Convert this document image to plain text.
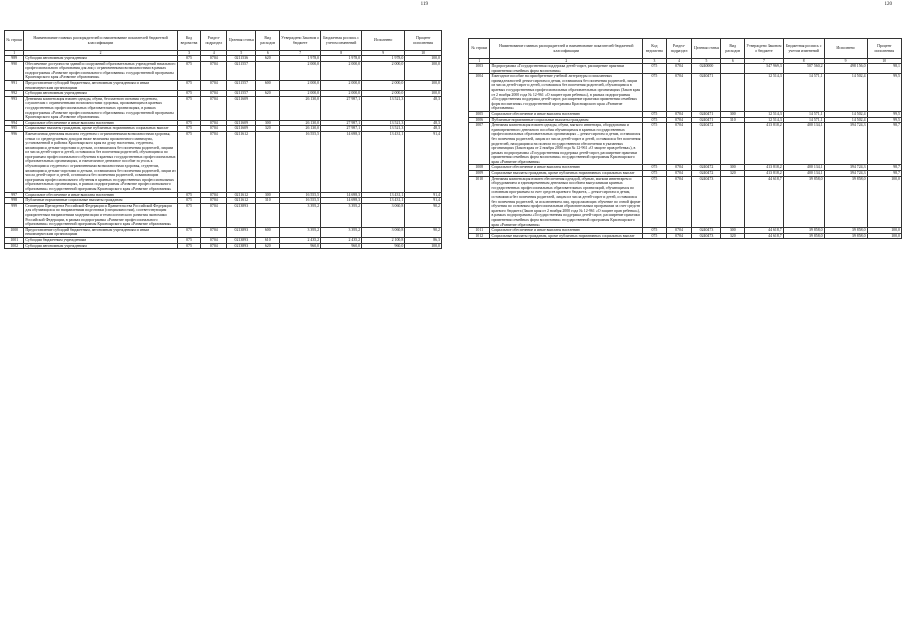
119
№ строки	Наименование главных распорядителей и наименование показателей бюджетной классификации	Код ведомства	Раздел-подраздел	Целевая статья	Вид расходов	Утверждено Законом о бюджете	Бюджетная роспись с учетом изменений	Исполнено	Процент исполнения
1	2	3	4	5	6	7	8	9	10
989	Субсидии автономным учреждениям	075	0704	0211536	620	1 978,0	1 978,0	1 978,0	100,0
990	Обеспечение доступности зданий и сооружений образовательных учреждений начального профессионального образования для лиц с ограниченными возможностями в рамках подпрограммы «Развитие профессионального образования» государственной программы Красноярского края «Развитие образования»	075	0704	0211557		2 000,0	2 000,0	2 000,0	100,0
991	Предоставление субсидий бюджетным, автономным учреждениям и иным некоммерческим организациям	075	0704	0211557	600	2 000,0	2 000,0	2 000,0	100,0
992	Субсидии автономным учреждениям	075	0704	0211557	620	2 000,0	2 000,0	2 000,0	100,0
993	Денежная компенсация взамен одежды, обуви, бесплатного питания студентам, слушателям с ограниченными возможностями здоровья, проживающим в краевых государственных профессиональных образовательных организациях, в рамках подпрограммы «Развитие профессионального образования» государственной программы Красноярского края «Развитие образования»	075	0704	0211609		26 130,0	27 987,1	13 521,3	48,3
994	Социальное обеспечение и иные выплаты населению	075	0704	0211609	300	26 130,0	27 987,1	13 521,3	48,3
995	Социальные выплаты гражданам, кроме публичных нормативных социальных выплат	075	0704	0211609	320	26 130,0	27 987,1	13 521,3	48,3
996	Ежемесячная денежная выплата студентам с ограниченными возможностями здоровья, семьи со среднедушевым доходом ниже величины прожиточного минимума, установленной в районах Красноярского края на душу населения, студентам, являющимся детьми-сиротами и детьми, оставшимися без попечения родителей, лицами из числа детей-сирот и детей, оставшихся без попечения родителей, обучающимся по программам профессионального обучения в краевых государственных профессиональных образовательных организациях, и ежемесячное денежное пособие за уголь к обучающимся студентам с ограниченными возможностями здоровья, студентам, являющимся детьми-сиротами и детьми, оставшимися без попечения родителей, лицам из числа детей-сирот и детей, оставшихся без попечения родителей, осваивающим программы профессионального обучения в краевых государственных профессиональных образовательных организациях, в рамках подпрограммы «Развитие профессионального образования» государственной программы Красноярского края «Развитие образования»	075	0704	0211612		16 555,5	14 698,3	13 431,1	91,4
997	Социальное обеспечение и иные выплаты населению	075	0704	0211612	300	16 555,5	14 698,3	13 431,1	91,4
998	Публичные нормативные социальные выплаты гражданам	075	0704	0211612	310	16 555,5	14 698,3	13 431,1	91,4
999	Стипендии Президента Российской Федерации и Правительства Российской Федерации для обучающихся по направлениям подготовки (специальностям), соответствующим приоритетным направлениям модернизации и технологического развития экономики Российской Федерации, в рамках подпрограммы «Развитие профессионального образования» государственной программы Красноярского края «Развитие образования»	075	0704	0213893		3 395,2	3 395,2	3 060,8	90,2
1000	Предоставление субсидий бюджетным, автономным учреждениям и иным некоммерческим организациям	075	0704	0213893	600	3 395,2	3 395,2	3 060,8	90,2
1001	Субсидии бюджетным учреждениям	075	0704	0213893	610	2 435,2	2 435,2	2 100,8	86,3
1002	Субсидии автономным учреждениям	075	0704	0213893	620	960,0	960,0	960,0	100,0
120
№ строки	Наименование главных распорядителей и наименование показателей бюджетной классификации	Код ведомства	Раздел-подраздел	Целевая статья	Вид расходов	Утверждено Законом о бюджете	Бюджетная роспись с учетом изменений	Исполнено	Процент исполнения
1	2	3	4	5	6	7	8	9	10
1003	Подпрограмма «Государственная поддержка детей-сирот, расширение практики применения семейных форм воспитания»	075	0704	0240000		547 969,3	507 560,2	498 156,0	98,1
1004	Ежегодное пособие на приобретение учебной литературы и письменных принадлежностей детям-сиротам и детям, оставшимся без попечения родителей, лицам из числа детей-сирот и детей, оставшихся без попечения родителей, обучающимся в краевых государственных профессиональных образовательных организациях (Закон края от 2 ноября 2000 года № 12-961 «О защите прав ребенка»), в рамках подпрограммы «Государственная поддержка детей-сирот, расширение практики применения семейных форм воспитания» государственной программы Красноярского края «Развитие образования»	075	0704	0240471		12 514,3	14 571,1	14 502,4	99,5
1005	Социальное обеспечение и иные выплаты населению	075	0704	0240471	300	12 514,3	14 571,1	14 502,4	99,5
1006	Публичные нормативные социальные выплаты гражданам	075	0704	0240471	310	12 514,3	14 571,1	14 502,4	99,5
1007	Денежная компенсация взамен одежды, обуви, мягкого инвентаря, оборудования и единовременного денежного пособия обучающимся в краевых государственных профессиональных образовательных организациях – детям-сиротам и детям, оставшимся без попечения родителей, лицам из числа детей-сирот и детей, оставшихся без попечения родителей, находящимся на полном государственном обеспечении в указанных организациях (Закон края от 2 ноября 2000 года № 12-961 «О защите прав ребенка»), в рамках подпрограммы «Государственная поддержка детей-сирот, расширение практики применения семейных форм воспитания» государственной программы Красноярского края «Развитие образования»	075	0704	0240472		413 818,2	400 134,1	394 724,3	98,7
1008	Социальное обеспечение и иные выплаты населению	075	0704	0240472	300	413 818,2	400 134,1	394 724,3	98,7
1009	Социальные выплаты гражданам, кроме публичных нормативных социальных выплат	075	0704	0240472	320	413 818,2	400 134,1	394 724,3	98,7
1010	Денежная компенсация взамен обеспечения одеждой, обувью, мягким инвентарем и оборудованием и единовременным денежным пособием выпускникам краевых государственных профессиональных образовательных организаций, обучающимся по основным программам за счет средств краевого бюджета, – детям-сиротам и детям, оставшимся без попечения родителей, лицам из числа детей-сирот и детей, оставшихся без попечения родителей, за исключением лиц, продолжающих обучение по очной форме обучения по основным профессиональным образовательным программам за счет средств краевого бюджета (Закон края от 2 ноября 2000 года № 12-961 «О защите прав ребенка»), в рамках подпрограммы «Государственная поддержка детей-сирот, расширение практики применения семейных форм воспитания» государственной программы Красноярского края «Развитие образования»	075	0704	0240473		44 618,7	39 858,0	39 858,0	100,0
1011	Социальное обеспечение и иные выплаты населению	075	0704	0240473	300	44 618,7	39 858,0	39 858,0	100,0
1012	Социальные выплаты гражданам, кроме публичных нормативных социальных выплат	075	0704	0240473	320	44 618,7	39 858,0	39 858,0	100,0
